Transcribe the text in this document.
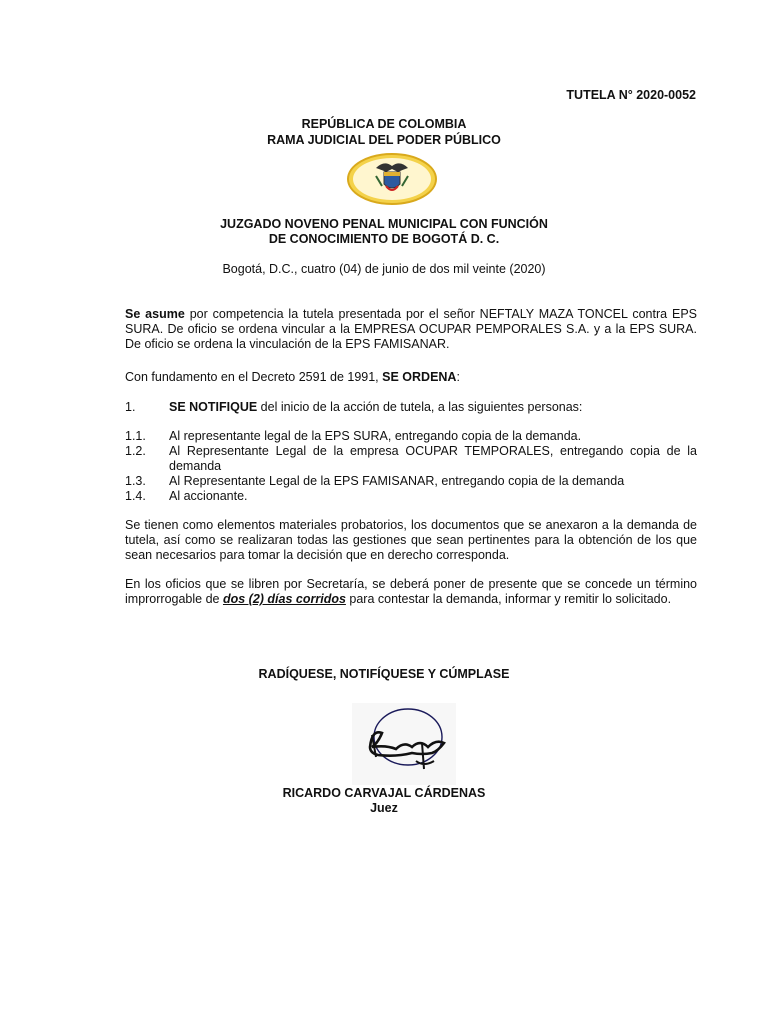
TUTELA N° 2020-0052
REPÚBLICA DE COLOMBIA
RAMA JUDICIAL DEL PODER PÚBLICO
JUZGADO NOVENO PENAL MUNICIPAL CON FUNCIÓN
DE CONOCIMIENTO DE BOGOTÁ D. C.
Bogotá, D.C., cuatro (04) de junio de dos mil veinte (2020)
Se asume por competencia la tutela presentada por el señor NEFTALY MAZA TONCEL contra EPS SURA. De oficio se ordena vincular a la EMPRESA OCUPAR PEMPORALES S.A. y a la EPS SURA. De oficio se ordena la vinculación de la EPS FAMISANAR.
Con fundamento en el Decreto 2591 de 1991, SE ORDENA:
1.	SE NOTIFIQUE del inicio de la acción de tutela, a las siguientes personas:
1.1.	Al representante legal de la EPS SURA, entregando copia de la demanda.
1.2.	Al Representante Legal de la empresa OCUPAR TEMPORALES, entregando copia de la demanda
1.3.	Al Representante Legal de la EPS FAMISANAR, entregando copia de la demanda
1.4.	Al accionante.
Se tienen como elementos materiales probatorios, los documentos que se anexaron a la demanda de tutela, así como se realizaran todas las gestiones que sean pertinentes para la obtención de los que sean necesarios para tomar la decisión que en derecho corresponda.
En los oficios que se libren por Secretaría, se deberá poner de presente que se concede un término improrrogable de dos (2) días corridos para contestar la demanda, informar y remitir lo solicitado.
RADÍQUESE, NOTIFÍQUESE Y CÚMPLASE
RICARDO CARVAJAL CÁRDENAS
Juez
